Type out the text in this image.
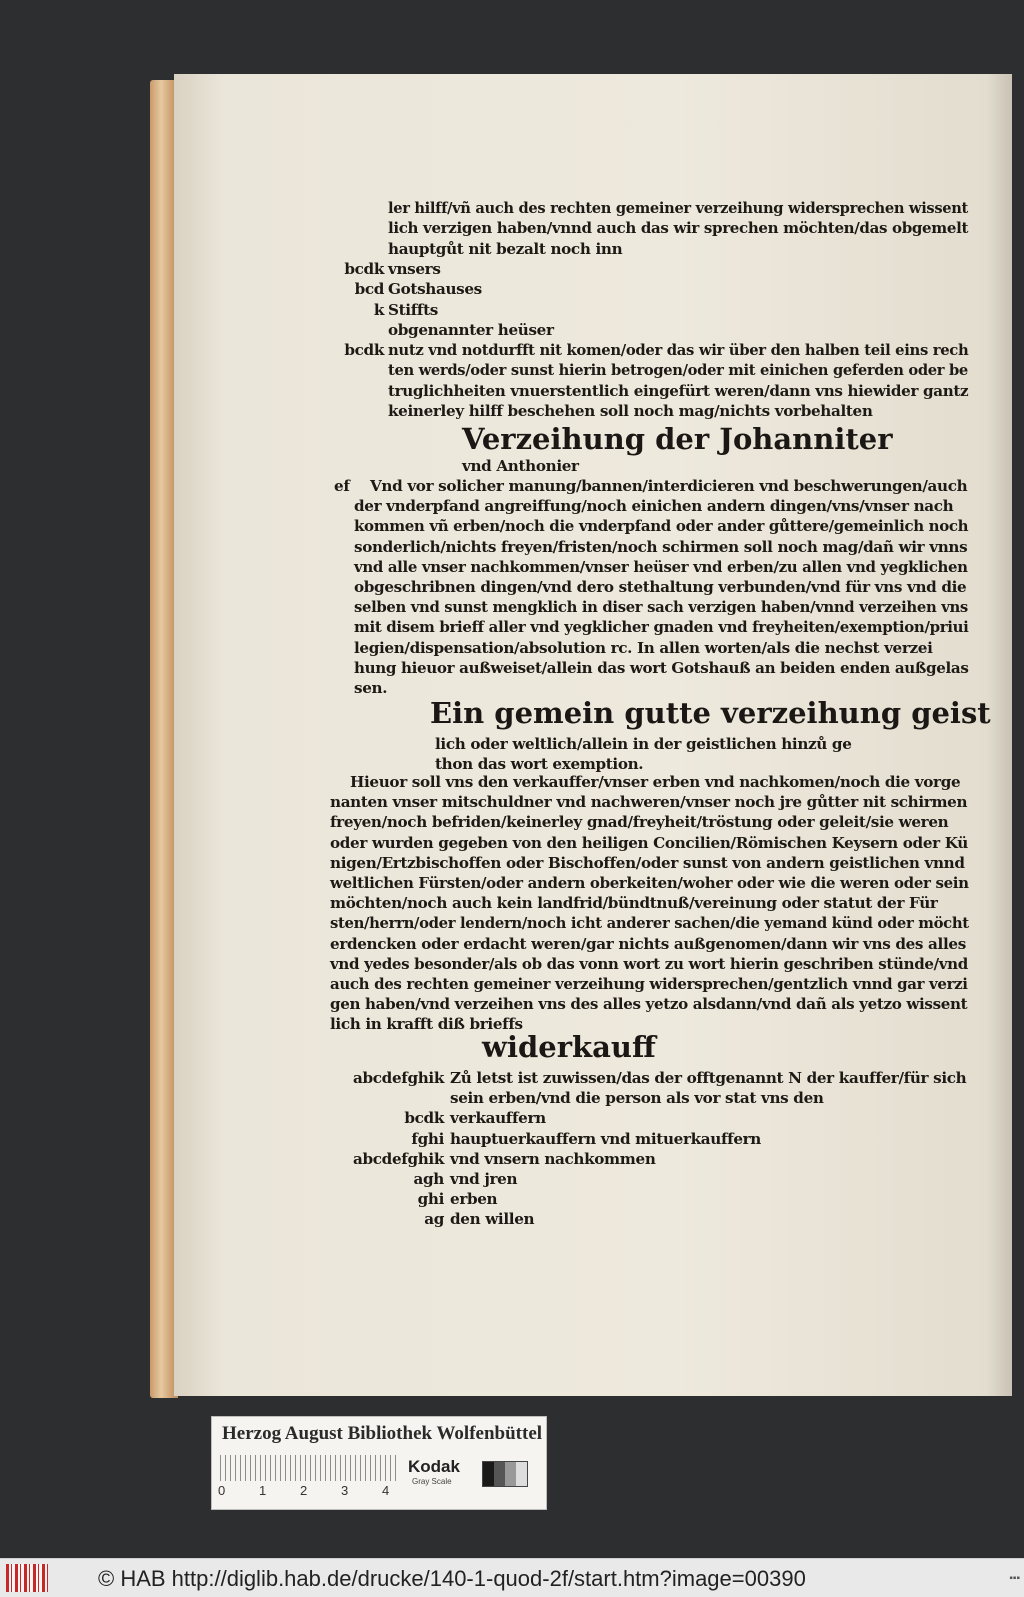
ler hilff/vñ auch des rechten gemeiner verzeihung widersprechen wissent
lich verzigen haben/vnnd auch das wir sprechen möchten/das obgemelt
hauptgůt nit bezalt noch inn
bcdk vnsers
bcd Gotshauses
k Stiffts
obgenannter heüser
bcdk nutz vnd notdurfft nit komen/oder das wir über den halben teil eins rech
ten werds/oder sunst hierin betrogen/oder mit einichen geferden oder be
truglichheiten vnuerstentlich eingefürt weren/dann vns hiewider gantz
keinerley hilff beschehen soll noch mag/nichts vorbehalten
Verzeihung der Johanniter
vnd Anthonier
ef Vnd vor solicher manung/bannen/interdicieren vnd beschwerungen/auch
der vnderpfand angreiffung/noch einichen andern dingen/vns/vnser nach
kommen vñ erben/noch die vnderpfand oder ander gůttere/gemeinlich noch
sonderlich/nichts freyen/fristen/noch schirmen soll noch mag/dañ wir vnns
vnd alle vnser nachkommen/vnser heüser vnd erben/zu allen vnd yegklichen
obgeschribnen dingen/vnd dero stethaltung verbunden/vnd für vns vnd die
selben vnd sunst mengklich in diser sach verzigen haben/vnnd verzeihen vns
mit disem brieff aller vnd yegklicher gnaden vnd freyheiten/exemption/priui
legien/dispensation/absolution rc. In allen worten/als die nechst verzei
hung hieuor außweiset/allein das wort Gotshauß an beiden enden außgelas
sen.
Ein gemein gutte verzeihung geist
lich oder weltlich/allein in der geistlichen hinzů ge
thon das wort exemption.
Hieuor soll vns den verkauffer/vnser erben vnd nachkomen/noch die vorge
nanten vnser mitschuldner vnd nachweren/vnser noch jre gůtter nit schirmen
freyen/noch befriden/keinerley gnad/freyheit/tröstung oder geleit/sie weren
oder wurden gegeben von den heiligen Concilien/Römischen Keysern oder Kü
nigen/Ertzbischoffen oder Bischoffen/oder sunst von andern geistlichen vnnd
weltlichen Fürsten/oder andern oberkeiten/woher oder wie die weren oder sein
möchten/noch auch kein landfrid/bündtnuß/vereinung oder statut der Für
sten/herrn/oder lendern/noch icht anderer sachen/die yemand künd oder möcht
erdencken oder erdacht weren/gar nichts außgenomen/dann wir vns des alles
vnd yedes besonder/als ob das vonn wort zu wort hierin geschriben stünde/vnd
auch des rechten gemeiner verzeihung widersprechen/gentzlich vnnd gar verzi
gen haben/vnd verzeihen vns des alles yetzo alsdann/vnd dañ als yetzo wissent
lich in krafft diß brieffs
widerkauff
abcdefghik Zů letst ist zuwissen/das der offtgenannt N der kauffer/für sich
sein erben/vnd die person als vor stat vns den
bcdk verkauffern
fghi hauptuerkauffern vnd mituerkauffern
abcdefghik vnd vnsern nachkommen
agh vnd jren
ghi erben
ag den willen
Herzog August Bibliothek Wolfenbüttel
0	1	2	3	4
Kodak
Gray Scale
© HAB http://diglib.hab.de/drucke/140-1-quod-2f/start.htm?image=00390	▪▪▪
